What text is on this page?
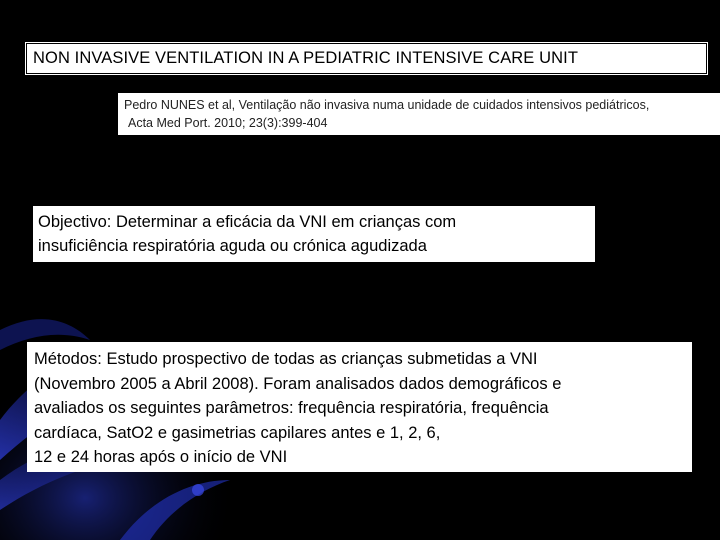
NON INVASIVE VENTILATION IN A PEDIATRIC INTENSIVE CARE UNIT
Pedro NUNES et al, Ventilação não invasiva numa unidade de cuidados intensivos pediátricos,
Acta Med Port. 2010; 23(3):399-404
Objectivo: Determinar a eficácia da VNI em crianças com
insuficiência respiratória aguda ou crónica agudizada
Métodos: Estudo prospectivo de todas as crianças submetidas a VNI
(Novembro 2005 a Abril 2008). Foram analisados dados demográficos e
avaliados os seguintes parâmetros: frequência respiratória, frequência
cardíaca, SatO2 e gasimetrias capilares antes e 1, 2, 6,
12 e 24 horas após o início de VNI
